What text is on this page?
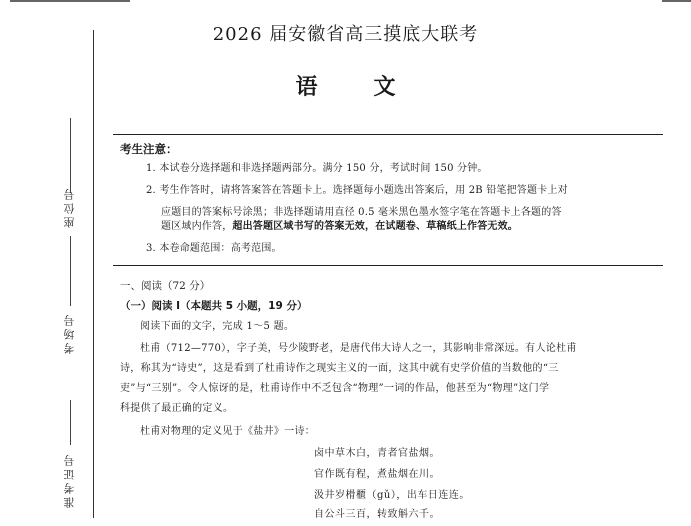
座位号
考场号
准考证号
2026 届安徽省高三摸底大联考
语文
考生注意：
1. 本试卷分选择题和非选择题两部分。满分 150 分，考试时间 150 分钟。
2. 考生作答时，请将答案答在答题卡上。选择题每小题选出答案后，用 2B 铅笔把答题卡上对
应题目的答案标号涂黑；非选择题请用直径 0.5 毫米黑色墨水签字笔在答题卡上各题的答
题区域内作答，超出答题区域书写的答案无效，在试题卷、草稿纸上作答无效。
3. 本卷命题范围：高考范围。
一、阅读（72 分）
（一）阅读 Ⅰ（本题共 5 小题，19 分）
阅读下面的文字，完成 1～5 题。
杜甫（712—770），字子美，号少陵野老，是唐代伟大诗人之一，其影响非常深远。有人论杜甫
诗，称其为“诗史”，这是看到了杜甫诗作之现实主义的一面，这其中就有史学价值的当数他的“三
吏”与“三别”。令人惊讶的是，杜甫诗作中不乏包含“物理”一词的作品，他甚至为“物理”这门学
科提供了最正确的定义。
杜甫对物理的定义见于《盐井》一诗：
卤中草木白，青者官盐烟。
官作既有程，煮盐烟在川。
汲井岁榾櫃（gǔ），出车日连连。
自公斗三百，转致斛六千。
